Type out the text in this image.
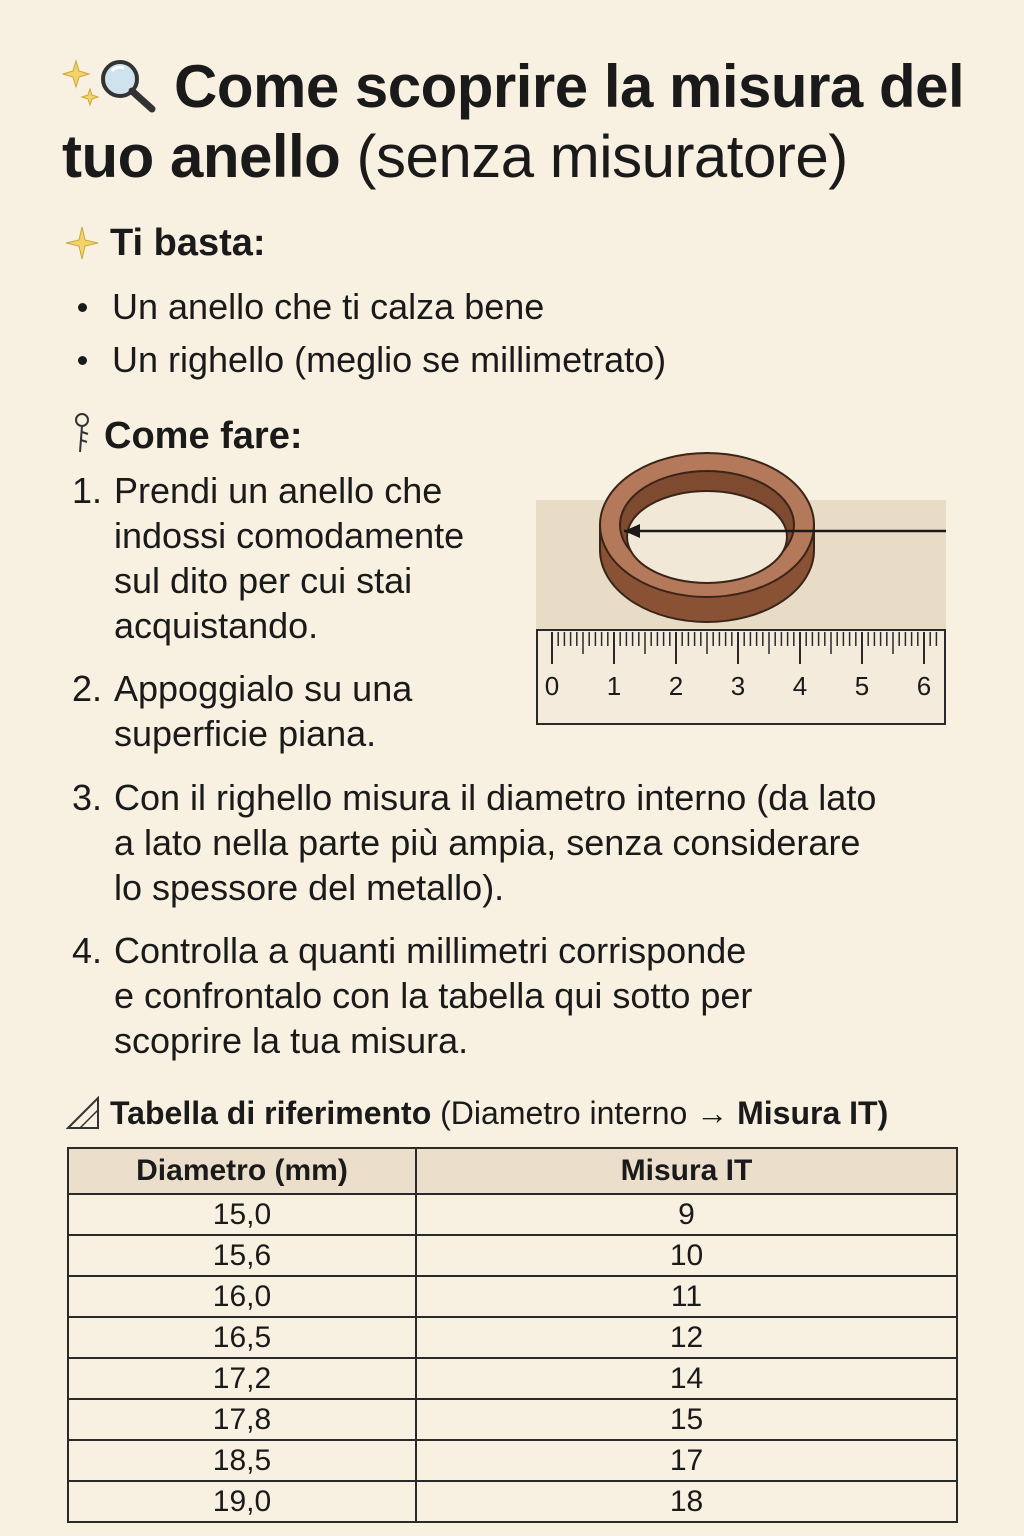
Come scoprire la misura del tuo anello (senza misuratore)
Ti basta:
Un anello che ti calza bene
Un righello (meglio se millimetrato)
Come fare:
1. Prendi un anello che
indossi comodamente
sul dito per cui stai
acquistando.
2. Appoggialo su una
superficie piana.
3. Con il righello misura il diametro interno (da lato
a lato nella parte più ampia, senza considerare
lo spessore del metallo).
4. Controlla a quanti millimetri corrisponde
e confrontalo con la tabella qui sotto per
scoprire la tua misura.
0 1 2 3 4 5 6
Tabella di riferimento (Diametro interno → Misura IT)
Diametro (mm)	Misura IT
15,0	9
15,6	10
16,0	11
16,5	12
17,2	14
17,8	15
18,5	17
19,0	18
